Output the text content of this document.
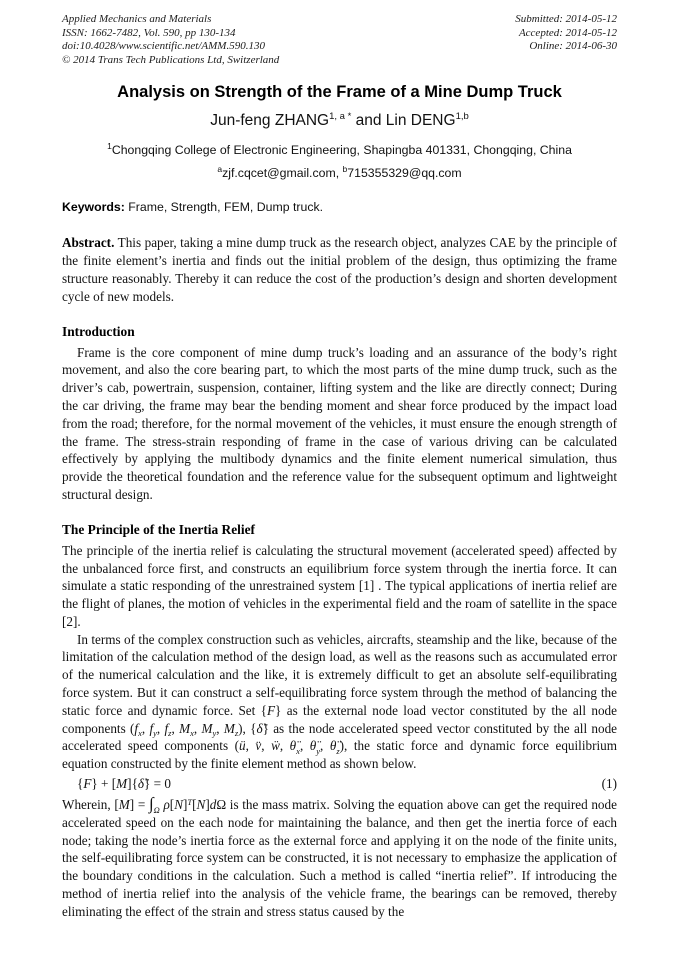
Applied Mechanics and Materials
ISSN: 1662-7482, Vol. 590, pp 130-134
doi:10.4028/www.scientific.net/AMM.590.130
© 2014 Trans Tech Publications Ltd, Switzerland
Submitted: 2014-05-12
Accepted: 2014-05-12
Online: 2014-06-30
Analysis on Strength of the Frame of a Mine Dump Truck
Jun-feng $ZHANG^{1, a *}$ and Lin DENG$^{1,b}$
$^1$Chongqing College of Electronic Engineering, Shapingba 401331, Chongqing, China
$^a$zjf.cqcet@gmail.com, $^b$715355329@qq.com

Keywords: Frame, Strength, FEM, Dump truck.

Abstract. This paper, taking a mine dump truck as the research object, analyzes CAE by the principle of the finite element’s inertia and finds out the initial problem of the design, thus optimizing the frame structure reasonably. Thereby it can reduce the cost of the production’s design and shorten development cycle of new models.

Introduction

Frame is the core component of mine dump truck’s loading and an assurance of the body’s right movement, and also the core bearing part, to which the most parts of the mine dump truck, such as the driver’s cab, powertrain, suspension, container, lifting system and the like are directly connect; During the car driving, the frame may bear the bending moment and shear force produced by the impact load from the road; therefore, for the normal movement of the vehicles, it must ensure the enough strength of the frame. The stress-strain responding of frame in the case of various driving can be calculated effectively by applying the multibody dynamics and the finite element numerical simulation, thus provide the theoretical foundation and the reference value for the subsequent optimum and lightweight structural design.

The Principle of the Inertia Relief

The principle of the inertia relief is calculating the structural movement (accelerated speed) affected by the unbalanced force first, and constructs an equilibrium force system through the inertia force. It can simulate a static responding of the unrestrained system [1] . The typical applications of inertia relief are the flight of planes, the motion of vehicles in the experimental field and the roam of satellite in the space [2].

In terms of the complex construction such as vehicles, aircrafts, steamship and the like, because of the limitation of the calculation method of the design load, as well as the reasons such as accumulated error of the numerical calculation and the like, it is extremely difficult to get an absolute self-equilibrating force system. But it can construct a self-equilibrating force system through the method of balancing the static force and dynamic force. Set {F} as the external node load vector constituted by the all node components ($f_x$, $f_y$, $f_z$, $M_x$, $M_y$, $M_z$), {δ̈} as the node accelerated speed vector constituted by the all node accelerated speed components (ü, v̈, ẅ, $\thetä_x$, $\thetä_y$, $\thetä_z$), the static force and dynamic force equilibrium equation constructed by the finite element method as shown below.

{F} + [M]{δ̈} = 0	(1)

Wherein, $[M] = \int_\Omega$ $\rho[N]^T[N]d\Omega$ is the mass matrix. Solving the equation above can get the required node accelerated speed on the each node for maintaining the balance, and then get the inertia force of each node; taking the node’s inertia force as the external force and applying it on the node of the finite units, the self-equilibrating force system can be constructed, it is not necessary to emphasize the application of the boundary conditions in the calculation. Such a method is called “inertia relief”. If introducing the method of inertia relief into the analysis of the vehicle frame, the bearings can be removed, thereby eliminating the effect of the strain and stress status caused by the
